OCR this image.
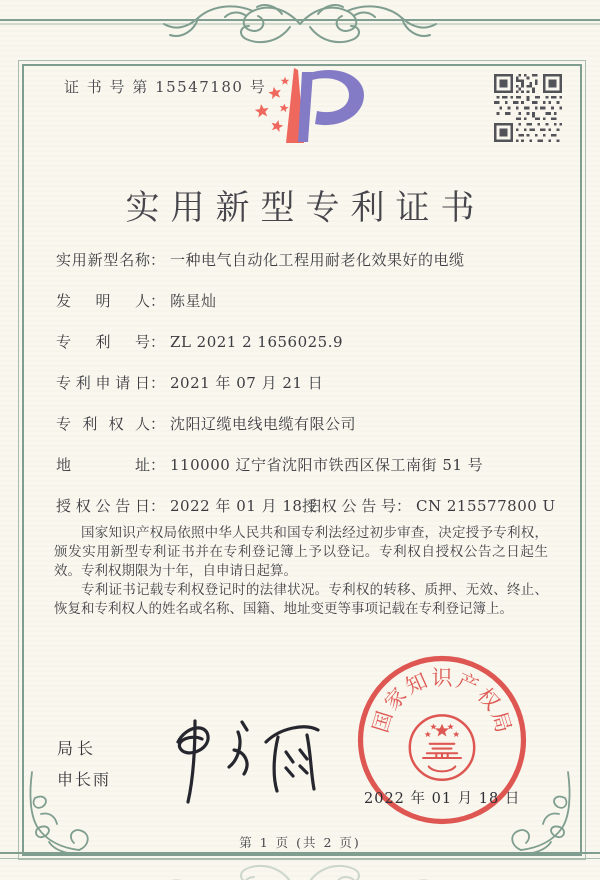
证 书 号 第 15547180 号
实用新型专利证书
实用新型名称： 一种电气自动化工程用耐老化效果好的电缆
发明人： 陈星灿
专利号： ZL 2021 2 1656025.9
专利申请日： 2021 年 07 月 21 日
专利权人： 沈阳辽缆电线电缆有限公司
地址： 110000 辽宁省沈阳市铁西区保工南街 51 号
授权公告日： 2022 年 01 月 18 日
授权公告号： CN 215577800 U

国家知识产权局依照中华人民共和国专利法经过初步审查，决定授予专利权，颁发实用新型专利证书并在专利登记簿上予以登记。专利权自授权公告之日起生效。专利权期限为十年，自申请日起算。

专利证书记载专利权登记时的法律状况。专利权的转移、质押、无效、终止、恢复和专利权人的姓名或名称、国籍、地址变更等事项记载在专利登记簿上。

局长
申长雨
国
家
知 识 产
权
局
2022 年 01 月 18 日
第 1 页 (共 2 页)
